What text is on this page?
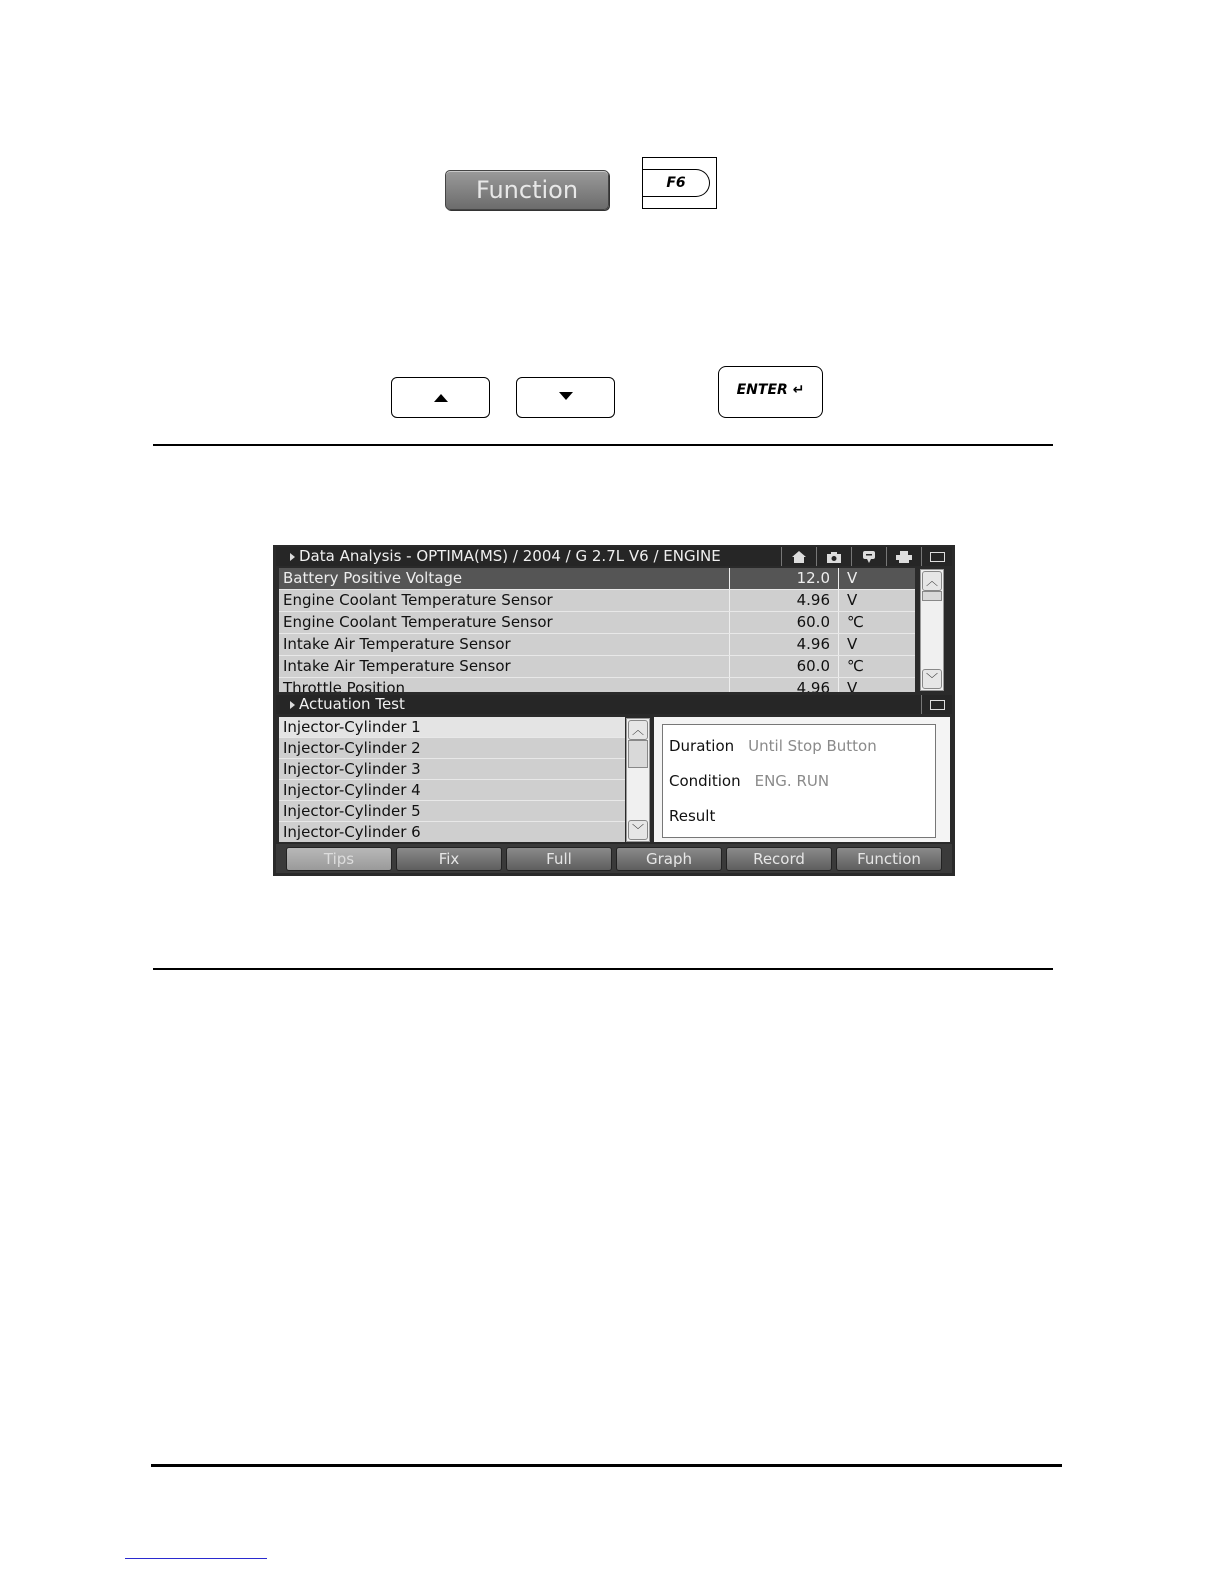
Function	F6
ENTER ↵
Data Analysis - OPTIMA(MS) / 2004 / G 2.7L V6 / ENGINE
Battery Positive Voltage	12.0	V
Engine Coolant Temperature Sensor	4.96	V
Engine Coolant Temperature Sensor	60.0	℃
Intake Air Temperature Sensor	4.96	V
Intake Air Temperature Sensor	60.0	℃
Throttle Position	4.96	V
︿
﹀
Actuation Test
Injector-Cylinder 1
Injector-Cylinder 2
Injector-Cylinder 3
Injector-Cylinder 4
Injector-Cylinder 5
Injector-Cylinder 6
︿
﹀
Duration Until Stop Button
Condition ENG. RUN
Result
Tips	Fix	Full	Graph	Record	Function
